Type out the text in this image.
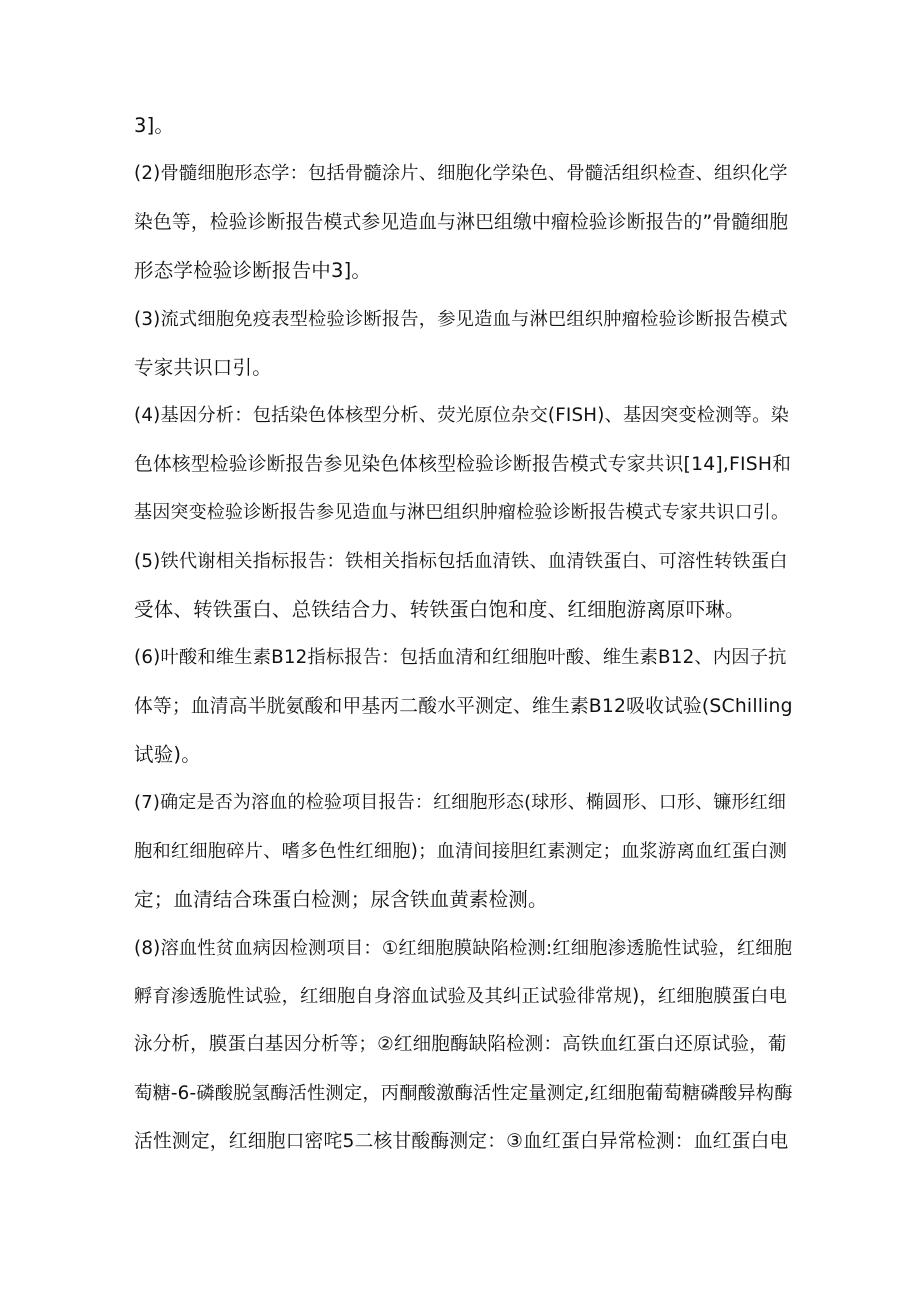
3]。
(2)骨髓细胞形态学：包括骨髓涂片、细胞化学染色、骨髓活组织检查、组织化学
染色等，检验诊断报告模式参见造血与淋巴组缴中瘤检验诊断报告的”骨髓细胞
形态学检验诊断报告中3]。
(3)流式细胞免疫表型检验诊断报告，参见造血与淋巴组织肿瘤检验诊断报告模式
专家共识口引。
(4)基因分析：包括染色体核型分析、荧光原位杂交(FISH)、基因突变检测等。染
色体核型检验诊断报告参见染色体核型检验诊断报告模式专家共识[14],FISH和
基因突变检验诊断报告参见造血与淋巴组织肿瘤检验诊断报告模式专家共识口引。
(5)铁代谢相关指标报告：铁相关指标包括血清铁、血清铁蛋白、可溶性转铁蛋白
受体、转铁蛋白、总铁结合力、转铁蛋白饱和度、红细胞游离原吓琳。
(6)叶酸和维生素B12指标报告：包括血清和红细胞叶酸、维生素B12、内因子抗
体等；血清高半胱氨酸和甲基丙二酸水平测定、维生素B12吸收试验(SChilling
试验)。
(7)确定是否为溶血的检验项目报告：红细胞形态(球形、椭圆形、口形、镰形红细
胞和红细胞碎片、嗜多色性红细胞)；血清间接胆红素测定；血浆游离血红蛋白测
定；血清结合珠蛋白检测；尿含铁血黄素检测。
(8)溶血性贫血病因检测项目：①红细胞膜缺陷检测:红细胞渗透脆性试验，红细胞
孵育渗透脆性试验，红细胞自身溶血试验及其纠正试验徘常规)，红细胞膜蛋白电
泳分析，膜蛋白基因分析等；②红细胞酶缺陷检测：高铁血红蛋白还原试验，葡
萄糖-6-磷酸脱氢酶活性测定，丙酮酸激酶活性定量测定,红细胞葡萄糖磷酸异构酶
活性测定，红细胞口密咤5二核甘酸酶测定：③血红蛋白异常检测：血红蛋白电
